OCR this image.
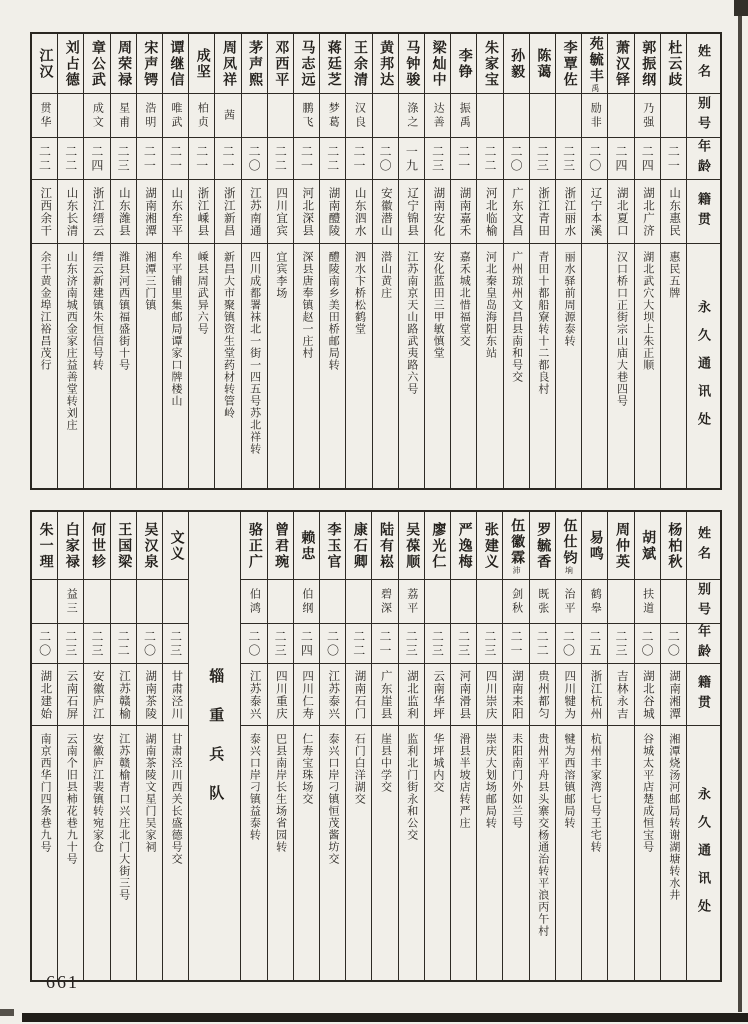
姓名
别号
年龄
籍贯
永久通讯处
杜云歧
二一
山东惠民
惠民五牌
郭振纲
乃强
二四
湖北广济
湖北武穴大坝上朱正顺
萧汉铎
二四
湖北夏口
汉口桥口正街宗山庙大巷四号
苑毓丰禹
励非
二〇
辽宁本溪
李覃佐
二三
浙江丽水
丽水驿前周源泰转
陈蔼
二三
浙江青田
青田十都船寮转十二都良村
孙毅
二〇
广东文昌
广州琼州文昌县南和号交
朱家宝
二二
河北临榆
河北秦皇岛海阳东站
李铮
振禹
二一
湖南嘉禾
嘉禾城北惜福堂交
梁灿中
达善
二三
湖南安化
安化蓝田三甲敏慎堂
马钟骏
涤之
一九
辽宁锦县
江苏南京天山路武夷路六号
黄邦达
二〇
安徽潜山
潜山黄庄
王余清
汉良
二一
山东泗水
泗水卞桥松鹤堂
蒋廷芝
梦葛
二二
湖南醴陵
醴陵南乡美田桥邮局转
马志远
鹏飞
二一
河北深县
深县唐奉镇赵一庄村
邓西平
二二
四川宜宾
宜宾李场
茅声熙
二〇
江苏南通
四川成都署袜北一街一四五号苏北祥转
周凤祥
茜
二一
浙江新昌
新昌大市聚镇资生堂药材转管岭
成坚
柏贞
二一
浙江嵊县
嵊县周武异六号
谭继信
唯武
二一
山东牟平
牟平铺里集邮局谭家口牌楼山
宋声锷
浩明
二一
湖南湘潭
湘潭三门镇
周荣禄
星甫
二三
山东潍县
潍县河西镇福盛街十号
章公武
成文
二四
浙江缙云
缙云新建镇朱恒信号转
刘占德
二二
山东长清
山东济南城西金家庄益善堂转刘庄
江汉
贯华
二二
江西余干
余干黄金埠江裕昌茂行
姓名
别号
年龄
籍贯
永久通讯处
杨柏秋
二〇
湖南湘潭
湘潭烧汤河邮局转谢湖塘转水井
胡斌
扶道
二〇
湖北谷城
谷城太平店楚成恒宝号
周仲英
二三
吉林永吉
易鸣
鹤皋
二五
浙江杭州
杭州丰家湾七号王宅转
伍仕钧垧
治平
二〇
四川犍为
犍为西溶镇邮局转
罗毓香
既张
二二
贵州都匀
贵州平舟县头寨交杨通治转平浪丙午村
伍徽霖沛
剑秋
二一
湖南耒阳
耒阳南门外如兰号
张建义
二三
四川崇庆
崇庆大划场邮局转
严逸梅
二三
河南滑县
滑县半坡店转严庄
廖光仁
二三
云南华坪
华坪城内交
吴葆顺
荔平
二三
湖北监利
监利北门街永和公交
陆有崧
碧深
二一
广东崖县
崖县中学交
康石卿
二二
湖南石门
石门白洋湖交
李玉官
二〇
江苏泰兴
泰兴口岸刁镇恒茂酱坊交
赖忠
伯纲
二四
四川仁寿
仁寿宝珠场交
曾君琬
二三
四川重庆
巴县南岸长生场省园转
骆正广
伯鸿
二〇
江苏泰兴
泰兴口岸刁镇益泰转
辎重兵队
文义
二三
甘肃泾川
甘肃泾川西关长盛德号交
吴汉泉
二〇
湖南茶陵
湖南茶陵文星门吴家祠
王国梁
二二
江苏赣榆
江苏赣榆青口兴庄北门大街三号
何世轸
二三
安徽庐江
安徽庐江裴镇转宛家仓
白家禄
益三
二三
云南石屏
云南个旧县柿花巷九十号
朱一理
二〇
湖北建始
南京西华门四条巷九号
661
